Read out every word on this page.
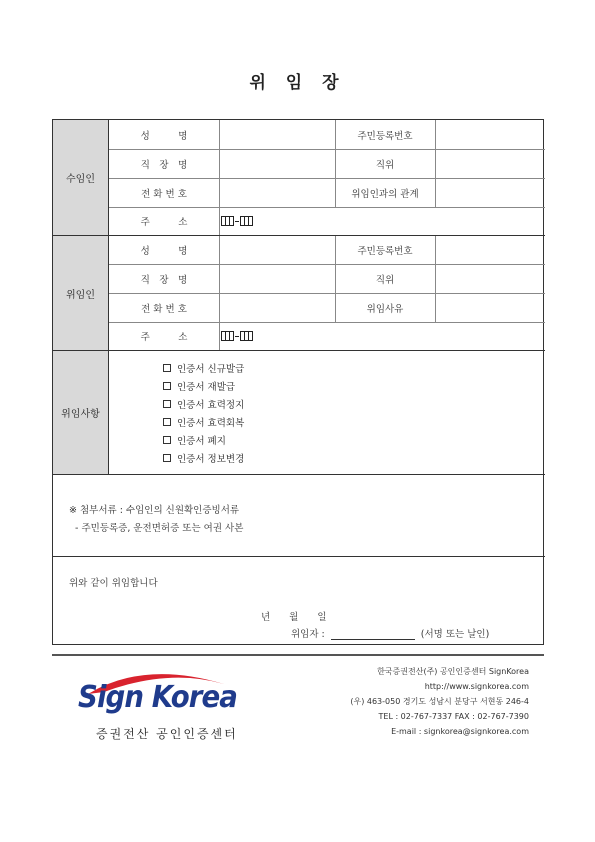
위 임 장
수임인
성　　　명	주민등록번호
직　장　명	직위
전 화 번 호	위임인과의 관계
주　　　소
위임인
성　　　명	주민등록번호
직　장　명	직위
전 화 번 호	위임사유
주　　　소
위임사항
인증서 신규발급
인증서 재발급
인증서 효력정지
인증서 효력회복
인증서 폐지
인증서 정보변경
※ 첨부서류 : 수임인의 신원확인증빙서류
- 주민등록증, 운전면허증 또는 여권 사본
위와 같이 위임합니다
년　　월　　일
위임자 :	(서명 또는 날인)
Sign Korea
증권전산 공인인증센터
한국증권전산(주) 공인인증센터 SignKorea
http://www.signkorea.com
(우) 463-050 경기도 성남시 분당구 서현동 246-4
TEL : 02-767-7337 FAX : 02-767-7390
E-mail : signkorea@signkorea.com
